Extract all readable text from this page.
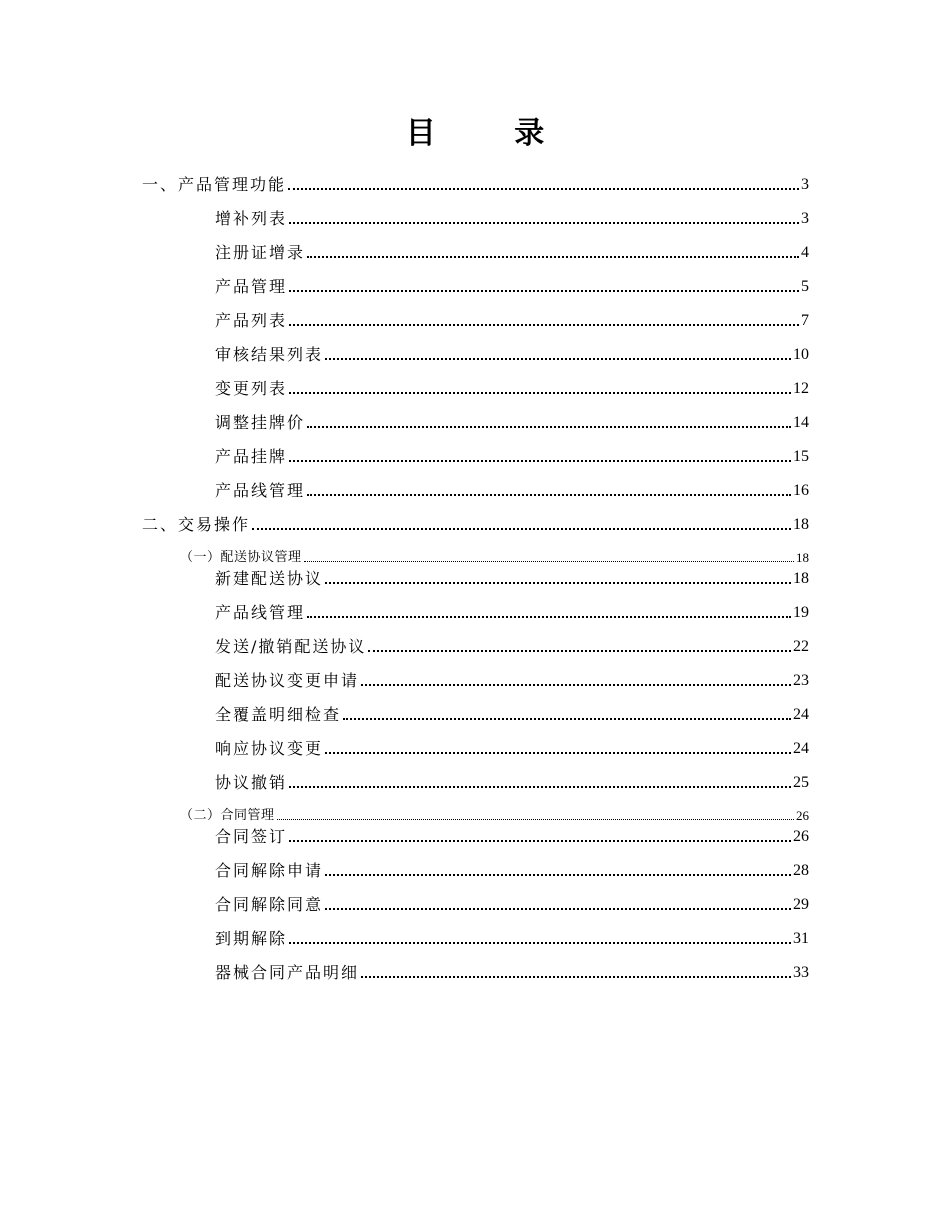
目 录
一、产品管理功能	3
增补列表	3
注册证增录	4
产品管理	5
产品列表	7
审核结果列表	10
变更列表	12
调整挂牌价	14
产品挂牌	15
产品线管理	16
二、交易操作	18
（一）配送协议管理	18
新建配送协议	18
产品线管理	19
发送/撤销配送协议	22
配送协议变更申请	23
全覆盖明细检查	24
响应协议变更	24
协议撤销	25
（二）合同管理	26
合同签订	26
合同解除申请	28
合同解除同意	29
到期解除	31
器械合同产品明细	33
